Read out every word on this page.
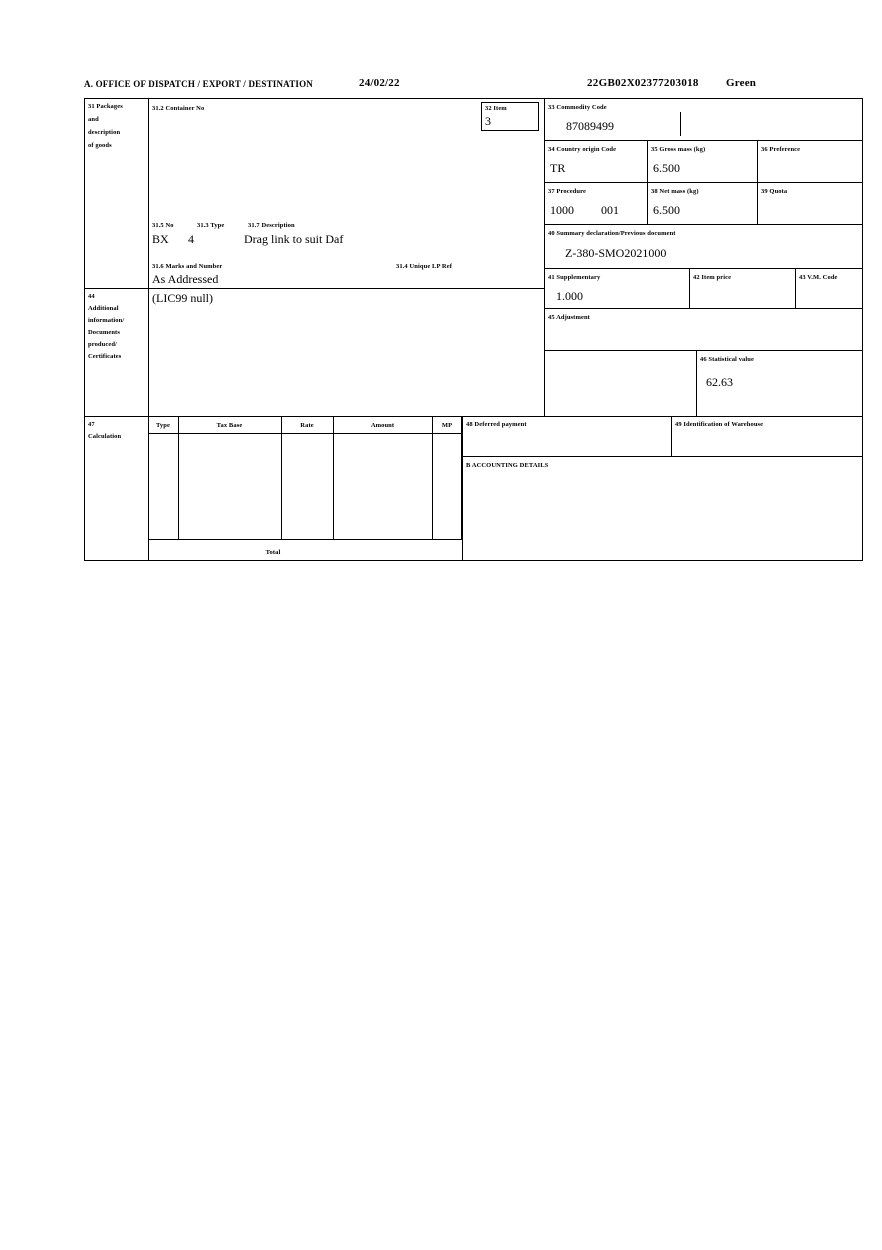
A. OFFICE OF DISPATCH / EXPORT / DESTINATION	24/02/22	22GB02X02377203018 Green
31 Packages
and
description
of goods
31.2 Container No
31.5 No	31.3 Type	31.7 Description
BX 4	Drag link to suit Daf
31.6 Marks and Number	31.4 Unique LP Ref
As Addressed
32 Item
3
33 Commodity Code
87089499
34 Country origin Code
TR
35 Gross mass (kg)
6.500
36 Preference
37 Procedure
1000 001
38 Net mass (kg)
6.500
39 Quota
40 Summary declaration/Previous document
Z-380-SMO2021000
41 Supplementary
1.000
42 Item price	43 V.M. Code
45 Adjustment
46 Statistical value
62.63
44
Additional
information/
Documents
produced/
Certificates
(LIC99 null)
47
Calculation
Type	Tax Base	Rate	Amount	MP
Total
48 Deferred payment	49 Identification of Warehouse
B ACCOUNTING DETAILS
